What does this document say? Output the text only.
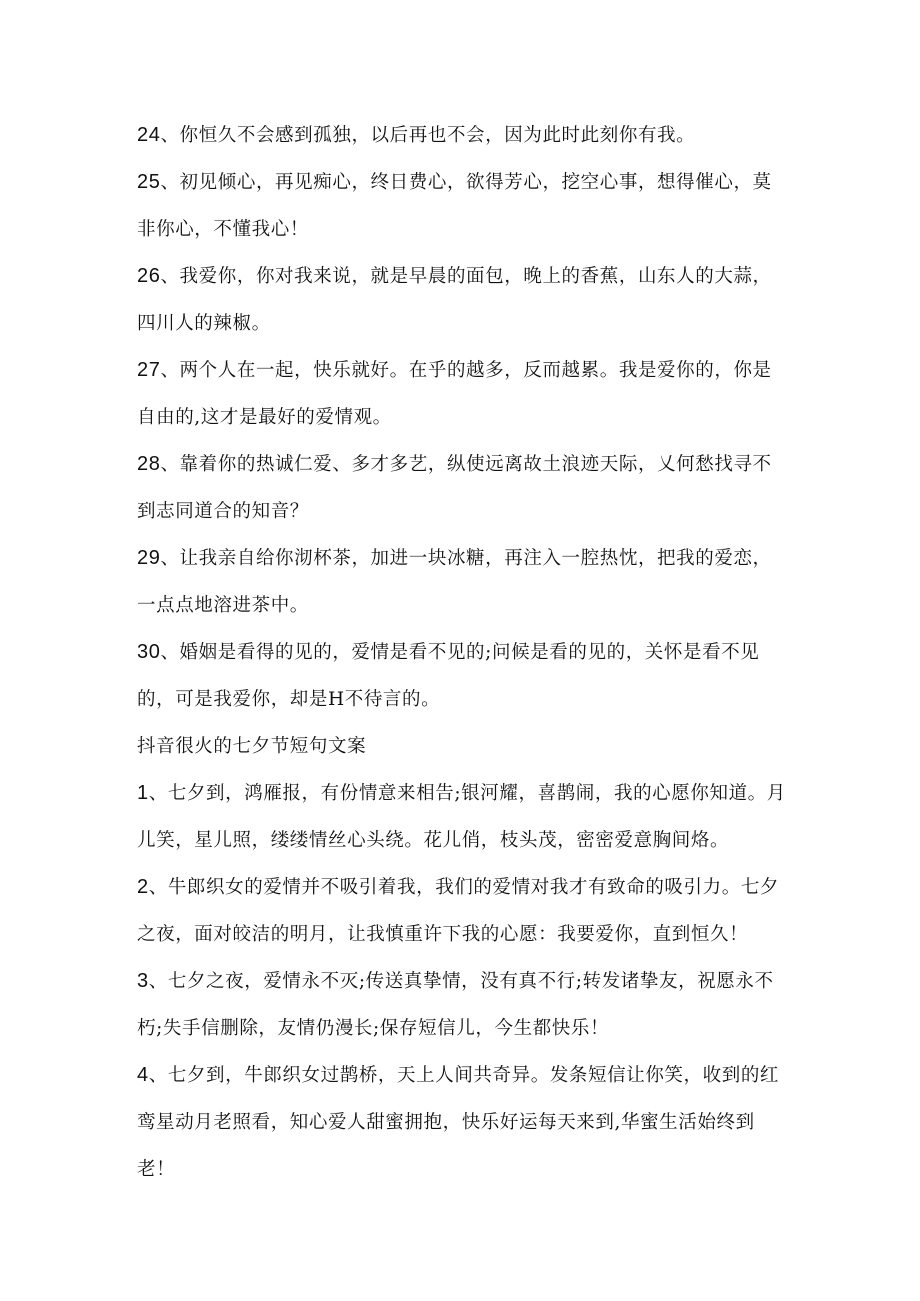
24、你恒久不会感到孤独，以后再也不会，因为此时此刻你有我。

25、初见倾心，再见痴心，终日费心，欲得芳心，挖空心事，想得催心，莫非你心，不懂我心！

26、我爱你，你对我来说，就是早晨的面包，晚上的香蕉，山东人的大蒜，四川人的辣椒。

27、两个人在一起，快乐就好。在乎的越多，反而越累。我是爱你的，你是自由的,这才是最好的爱情观。

28、靠着你的热诚仁爱、多才多艺，纵使远离故土浪迹天际，乂何愁找寻不到志同道合的知音？

29、让我亲自给你沏杯茶，加进一块冰糖，再注入一腔热忱，把我的爱恋，一点点地溶进茶中。

30、婚姻是看得的见的，爱情是看不见的;问候是看的见的，关怀是看不见的，可是我爱你，却是H不待言的。

抖音很火的七夕节短句文案

1、七夕到，鸿雁报，有份情意来相告;银河耀，喜鹊闹，我的心愿你知道。月儿笑，星儿照，缕缕情丝心头绕。花儿俏，枝头茂，密密爱意胸间烙。

2、牛郎织女的爱情并不吸引着我，我们的爱情对我才有致命的吸引力。七夕之夜，面对皎洁的明月，让我慎重许下我的心愿：我要爱你，直到恒久！

3、七夕之夜，爱情永不灭;传送真挚情，没有真不行;转发诸挚友，祝愿永不朽;失手信删除，友情仍漫长;保存短信儿，今生都快乐！

4、七夕到，牛郎织女过鹊桥，天上人间共奇异。发条短信让你笑，收到的红鸾星动月老照看，知心爱人甜蜜拥抱，快乐好运每天来到,华蜜生活始终到老！
